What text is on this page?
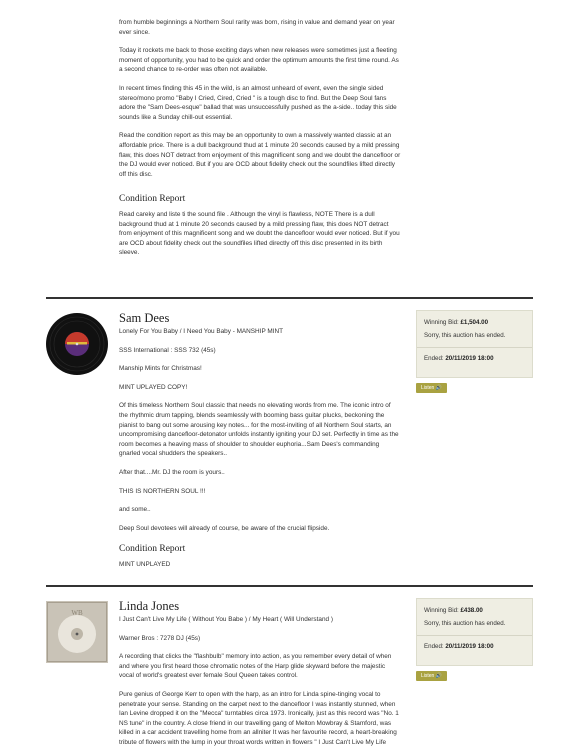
from humble beginnings a Northern Soul rarity was born, rising in value and demand year on year ever since.

Today it rockets me back to those exciting days when new releases were sometimes just a fleeting moment of opportunity, you had to be quick and order the optimum amounts the first time round. As a second chance to re-order was often not available.

In recent times finding this 45 in the wild, is an almost unheard of event, even the single sided stereo/mono promo "Baby I Cried, Cired, Cried " is a tough disc to find. But the Deep Soul fans adore the "Sam Dees-esque" ballad that was unsuccessfully pushed as the a-side.. today this side sounds like a Sunday chill-out essential.

Read the condition report as this may be an opportunity to own a massively wanted classic at an affordable price. There is a dull background thud at 1 minute 20 seconds caused by a mild pressing flaw, this does NOT detract from enjoyment of this magnificent song and we doubt the dancefloor or the DJ would ever noticed. But if you are OCD about fidelity check out the soundfiles lifted directly off this disc.

Condition Report

Read careky and liste ti the sound file . Althougn the vinyl is flawless, NOTE There is a dull background thud at 1 minute 20 seconds caused by a mild pressing flaw, this does NOT detract from enjoyment of this magnificent song and we doubt the dancefloor would ever noticed. But if you are OCD about fidelity check out the soundfiles lifted directly off this disc presented in its birth sleeve.

Sam Dees

Lonely For You Baby / I Need You Baby - MANSHIP MINT

SSS International : SSS 732 (45s)

Manship Mints for Christmas!

MINT UPLAYED COPY!

Of this timeless Northern Soul classic that needs no elevating words from me. The iconic intro of the rhythmic drum tapping, blends seamlessly with booming bass guitar plucks, beckoning the pianist to bang out some arousing key notes... for the most-inviting of all Northern Soul starts, an uncompromising dancefloor-detonator unfolds instantly igniting your DJ set. Perfectly in time as the room becomes a heaving mass of shoulder to shoulder euphoria...Sam Dees's commanding gnarled vocal shudders the speakers..

After that....Mr. DJ the room is yours..

THIS IS NORTHERN SOUL !!!

and some..

Deep Soul devotees will already of course, be aware of the crucial flipside.

Condition Report

MINT UNPLAYED

Winning Bid: £1,504.00
Sorry, this auction has ended.
Ended: 20/11/2019 18:00
Listen 🔊
WB	Linda Jones

I Just Can't Live My Life ( Without You Babe ) / My Heart ( Will Understand )

Warner Bros : 7278 DJ (45s)

A recording that clicks the "flashbulb" memory into action, as you remember every detail of when and where you first heard those chromatic notes of the Harp glide skyward before the majestic vocal of world's greatest ever female Soul Queen takes control.

Pure genius of George Kerr to open with the harp, as an intro for Linda spine-tinging vocal to penetrate your sense. Standing on the carpet next to the dancefloor I was instantly stunned, when Ian Levine dropped it on the "Mecca" turntables circa 1973. Ironically, just as this record was "No. 1 NS tune" in the country. A close friend in our travelling gang of Melton Mowbray & Stamford, was killed in a car accident travelling home from an allniter It was her favourite record, a heart-breaking tribute of flowers with the lump in your throat words written in flowers " I Just Can't Live My Life

Winning Bid: £438.00
Sorry, this auction has ended.
Ended: 20/11/2019 18:00
Listen 🔊
